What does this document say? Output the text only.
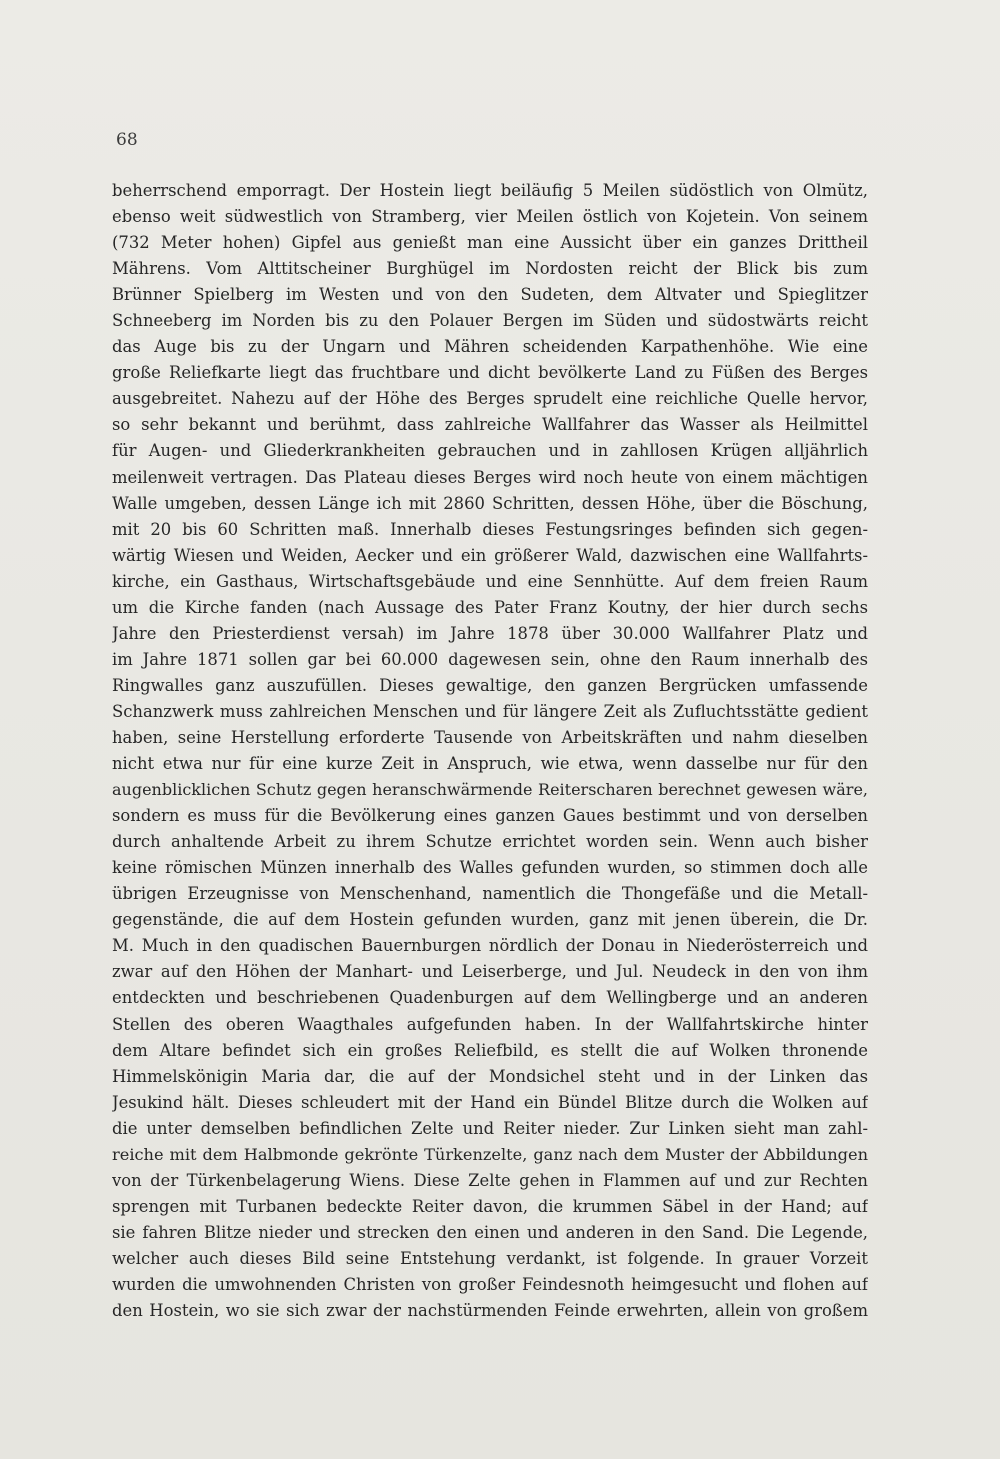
68
beherrschend emporragt. Der Hostein liegt beiläufig 5 Meilen südöstlich von Olmütz,
ebenso weit südwestlich von Stramberg, vier Meilen östlich von Kojetein. Von seinem
(732 Meter hohen) Gipfel aus genießt man eine Aussicht über ein ganzes Drittheil
Mährens. Vom Alttitscheiner Burghügel im Nordosten reicht der Blick bis zum
Brünner Spielberg im Westen und von den Sudeten, dem Altvater und Spieglitzer
Schneeberg im Norden bis zu den Polauer Bergen im Süden und südostwärts reicht
das Auge bis zu der Ungarn und Mähren scheidenden Karpathenhöhe. Wie eine
große Reliefkarte liegt das fruchtbare und dicht bevölkerte Land zu Füßen des Berges
ausgebreitet. Nahezu auf der Höhe des Berges sprudelt eine reichliche Quelle hervor,
so sehr bekannt und berühmt, dass zahlreiche Wallfahrer das Wasser als Heilmittel
für Augen- und Gliederkrankheiten gebrauchen und in zahllosen Krügen alljährlich
meilenweit vertragen. Das Plateau dieses Berges wird noch heute von einem mächtigen
Walle umgeben, dessen Länge ich mit 2860 Schritten, dessen Höhe, über die Böschung,
mit 20 bis 60 Schritten maß. Innerhalb dieses Festungsringes befinden sich gegen-
wärtig Wiesen und Weiden, Aecker und ein größerer Wald, dazwischen eine Wallfahrts-
kirche, ein Gasthaus, Wirtschaftsgebäude und eine Sennhütte. Auf dem freien Raum
um die Kirche fanden (nach Aussage des Pater Franz Koutny, der hier durch sechs
Jahre den Priesterdienst versah) im Jahre 1878 über 30.000 Wallfahrer Platz und
im Jahre 1871 sollen gar bei 60.000 dagewesen sein, ohne den Raum innerhalb des
Ringwalles ganz auszufüllen. Dieses gewaltige, den ganzen Bergrücken umfassende
Schanzwerk muss zahlreichen Menschen und für längere Zeit als Zufluchtsstätte gedient
haben, seine Herstellung erforderte Tausende von Arbeitskräften und nahm dieselben
nicht etwa nur für eine kurze Zeit in Anspruch, wie etwa, wenn dasselbe nur für den
augenblicklichen Schutz gegen heranschwärmende Reiterscharen berechnet gewesen wäre,
sondern es muss für die Bevölkerung eines ganzen Gaues bestimmt und von derselben
durch anhaltende Arbeit zu ihrem Schutze errichtet worden sein. Wenn auch bisher
keine römischen Münzen innerhalb des Walles gefunden wurden, so stimmen doch alle
übrigen Erzeugnisse von Menschenhand, namentlich die Thongefäße und die Metall-
gegenstände, die auf dem Hostein gefunden wurden, ganz mit jenen überein, die Dr.
M. Much in den quadischen Bauernburgen nördlich der Donau in Niederösterreich und
zwar auf den Höhen der Manhart- und Leiserberge, und Jul. Neudeck in den von ihm
entdeckten und beschriebenen Quadenburgen auf dem Wellingberge und an anderen
Stellen des oberen Waagthales aufgefunden haben. In der Wallfahrtskirche hinter
dem Altare befindet sich ein großes Reliefbild, es stellt die auf Wolken thronende
Himmelskönigin Maria dar, die auf der Mondsichel steht und in der Linken das
Jesukind hält. Dieses schleudert mit der Hand ein Bündel Blitze durch die Wolken auf
die unter demselben befindlichen Zelte und Reiter nieder. Zur Linken sieht man zahl-
reiche mit dem Halbmonde gekrönte Türkenzelte, ganz nach dem Muster der Abbildungen
von der Türkenbelagerung Wiens. Diese Zelte gehen in Flammen auf und zur Rechten
sprengen mit Turbanen bedeckte Reiter davon, die krummen Säbel in der Hand; auf
sie fahren Blitze nieder und strecken den einen und anderen in den Sand. Die Legende,
welcher auch dieses Bild seine Entstehung verdankt, ist folgende. In grauer Vorzeit
wurden die umwohnenden Christen von großer Feindesnoth heimgesucht und flohen auf
den Hostein, wo sie sich zwar der nachstürmenden Feinde erwehrten, allein von großem
